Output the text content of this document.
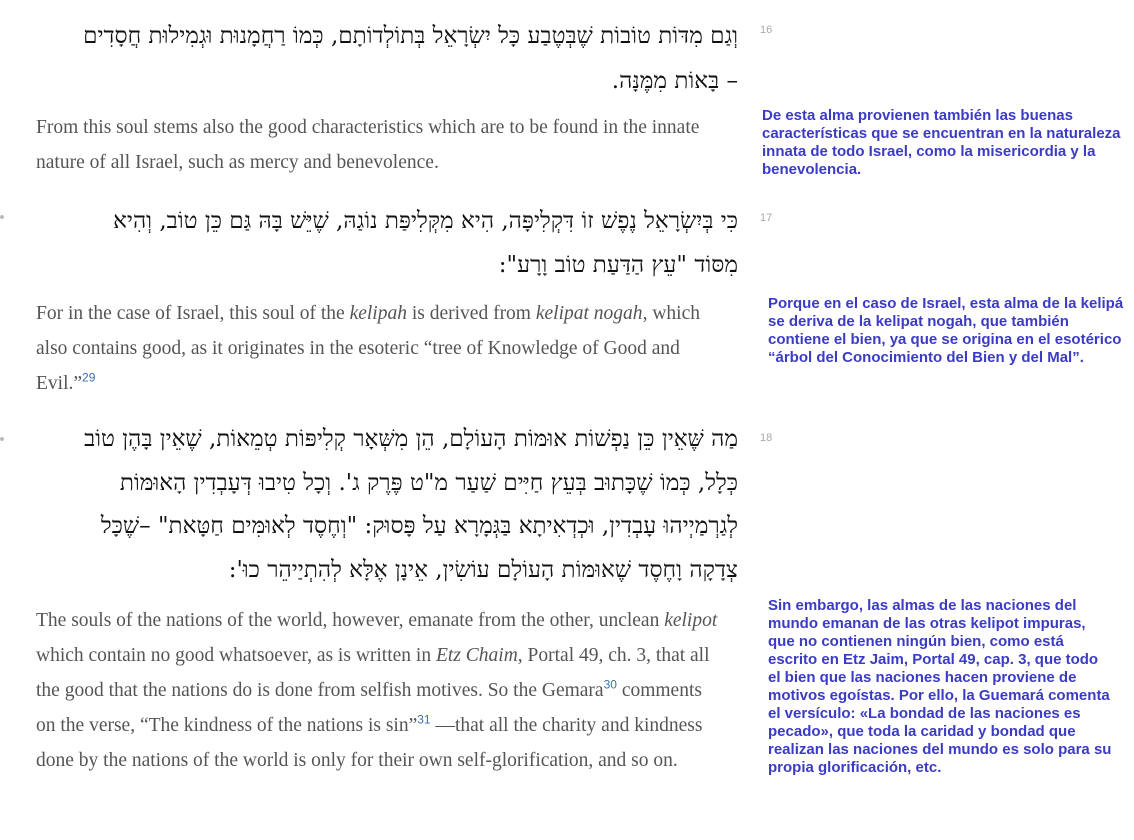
וְגַם מִדּוֹת טוֹבוֹת שֶׁבְּטֶבַע כָּל יִשְׂרָאֵל בְּתוֹלְדוֹתָם, כְּמוֹ רַחֲמָנוּת וּגְמִילוּת חֲסָדִים
– בָּאוֹת מִמֶּנָּה.
16
From this soul stems also the good characteristics which are to be found in the innate nature of all Israel, such as mercy and benevolence.
De esta alma provienen también las buenas características que se encuentran en la naturaleza innata de todo Israel, como la misericordia y la benevolencia.
כִּי בְּיִשְׂרָאֵל נֶפֶשׁ זוֹ דִּקְלִיפָּה, הִיא מִקְּלִיפַּת נוֹגַהּ, שֶׁיֵּשׁ בָּהּ גַּם כֵּן טוֹב, וְהִיא
מִסּוֹד "עֵץ הַדַּעַת טוֹב וָרָע":
17
For in the case of Israel, this soul of the kelipah is derived from kelipat nogah, which also contains good, as it originates in the esoteric “tree of Knowledge of Good and Evil.”$^{29}$
Porque en el caso de Israel, esta alma de la kelipá se deriva de la kelipat nogah, que también contiene el bien, ya que se origina en el esotérico “árbol del Conocimiento del Bien y del Mal”.
מַה שֶּׁאֵין כֵּן נַפְשׁוֹת אוּמּוֹת הָעוֹלָם, הֵן מִשְּׁאָר קְלִיפּוֹת טְמֵאוֹת, שֶׁאֵין בָּהֶן טוֹב
כְּלָל, כְּמוֹ שֶׁכָּתוּב בְּעֵץ חַיִּים שַׁעַר מ"ט פֶּרֶק ג'. וְכָל טִיבוּ דְּעָבְדִין הָאוּמּוֹת
לְגַרְמַיְיהוּ עָבְדִין, וּכְדְאִיתָא בַּגְּמָרָא עַל פָּסוּק: "וְחֶסֶד לְאוּמִּים חַטָּאת" –שֶׁכָּל
צְדָקָה וָחֶסֶד שֶׁאוּמּוֹת הָעוֹלָם עוֹשִׂין, אֵינָן אֶלָּא לְהִתְיַיהֵר כוּ':
18
The souls of the nations of the world, however, emanate from the other, unclean kelipot which contain no good whatsoever, as is written in Etz Chaim, Portal 49, ch. 3, that all the good that the nations do is done from selfish motives. So the Gemara$^{30}$ comments on the verse, “The kindness of the nations is sin”$^{31}$ —that all the charity and kindness done by the nations of the world is only for their own self-glorification, and so on.
Sin embargo, las almas de las naciones del mundo emanan de las otras kelipot impuras, que no contienen ningún bien, como está escrito en Etz Jaim, Portal 49, cap. 3, que todo el bien que las naciones hacen proviene de motivos egoístas. Por ello, la Guemará comenta el versículo: «La bondad de las naciones es pecado», que toda la caridad y bondad que realizan las naciones del mundo es solo para su propia glorificación, etc.
